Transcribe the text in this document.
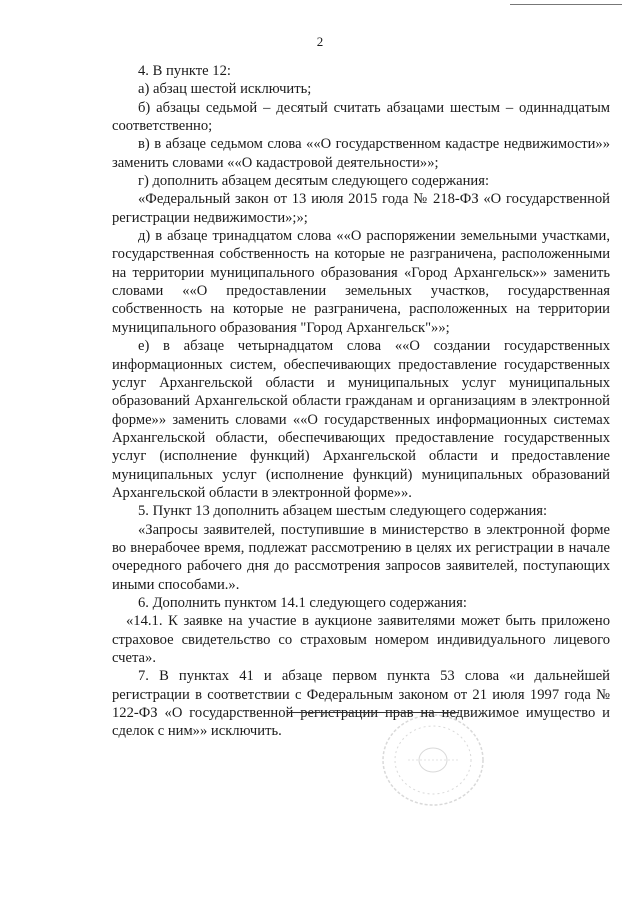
2

4. В пункте 12:

а) абзац шестой исключить;

б) абзацы седьмой – десятый считать абзацами шестым – одиннадцатым соответственно;

в) в абзаце седьмом слова ««О государственном кадастре недвижимости»» заменить словами ««О кадастровой деятельности»»;

г) дополнить абзацем десятым следующего содержания:

«Федеральный закон от 13 июля 2015 года № 218-ФЗ «О государственной регистрации недвижимости»;»;

д) в абзаце тринадцатом слова ««О распоряжении земельными участками, государственная собственность на которые не разграничена, расположенными на территории муниципального образования «Город Архангельск»» заменить словами ««О предоставлении земельных участков, государственная собственность на которые не разграничена, расположенных на территории муниципального образования "Город Архангельск"»»;

е) в абзаце четырнадцатом слова ««О создании государственных информационных систем, обеспечивающих предоставление государственных услуг Архангельской области и муниципальных услуг муниципальных образований Архангельской области гражданам и организациям в электронной форме»» заменить словами ««О государственных информационных системах Архангельской области, обеспечивающих предоставление государственных услуг (исполнение функций) Архангельской области и предоставление муниципальных услуг (исполнение функций) муниципальных образований Архангельской области в электронной форме»».

5. Пункт 13 дополнить абзацем шестым следующего содержания:

«Запросы заявителей, поступившие в министерство в электронной форме во внерабочее время, подлежат рассмотрению в целях их регистрации в начале очередного рабочего дня до рассмотрения запросов заявителей, поступающих иными способами.».

6. Дополнить пунктом 14.1 следующего содержания:

«14.1. К заявке на участие в аукционе заявителями может быть приложено страховое свидетельство со страховым номером индивидуального лицевого счета».

7. В пунктах 41 и абзаце первом пункта 53 слова «и дальнейшей регистрации в соответствии с Федеральным законом от 21 июля 1997 года № 122-ФЗ «О государственной регистрации прав на недвижимое имущество и сделок с ним»» исключить.
